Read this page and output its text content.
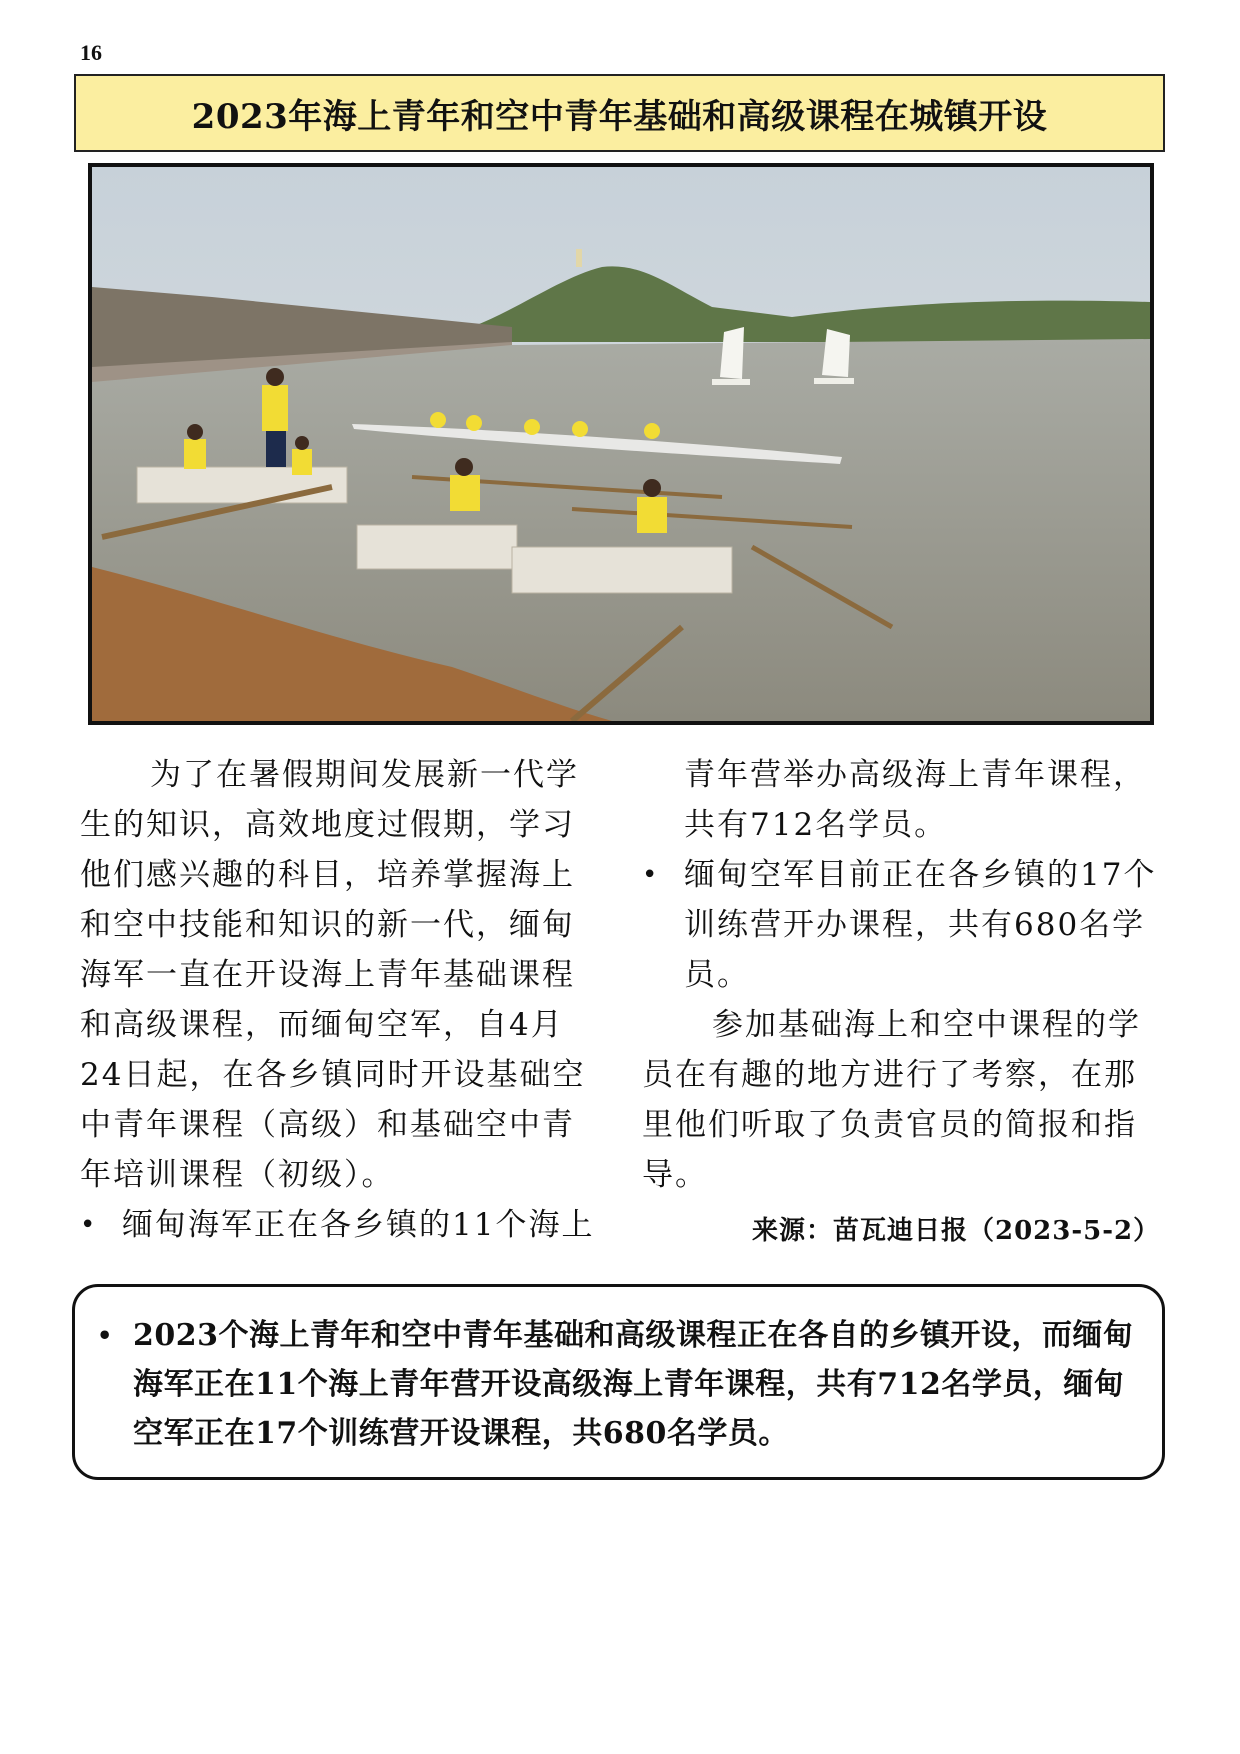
16
2023年海上青年和空中青年基础和高级课程在城镇开设

为了在暑假期间发展新一代学生的知识，高效地度过假期，学习他们感兴趣的科目，培养掌握海上和空中技能和知识的新一代，缅甸海军一直在开设海上青年基础课程和高级课程，而缅甸空军，自4月24日起，在各乡镇同时开设基础空中青年课程（高级）和基础空中青年培训课程（初级）。

• 缅甸海军正在各乡镇的11个海上

青年营举办高级海上青年课程，共有712名学员。

• 缅甸空军目前正在各乡镇的17个训练营开办课程，共有680名学员。

参加基础海上和空中课程的学员在有趣的地方进行了考察，在那里他们听取了负责官员的简报和指导。

来源：苗瓦迪日报（2023-5-2）
• 2023个海上青年和空中青年基础和高级课程正在各自的乡镇开设，而缅甸海军正在11个海上青年营开设高级海上青年课程，共有712名学员，缅甸空军正在17个训练营开设课程，共680名学员。
